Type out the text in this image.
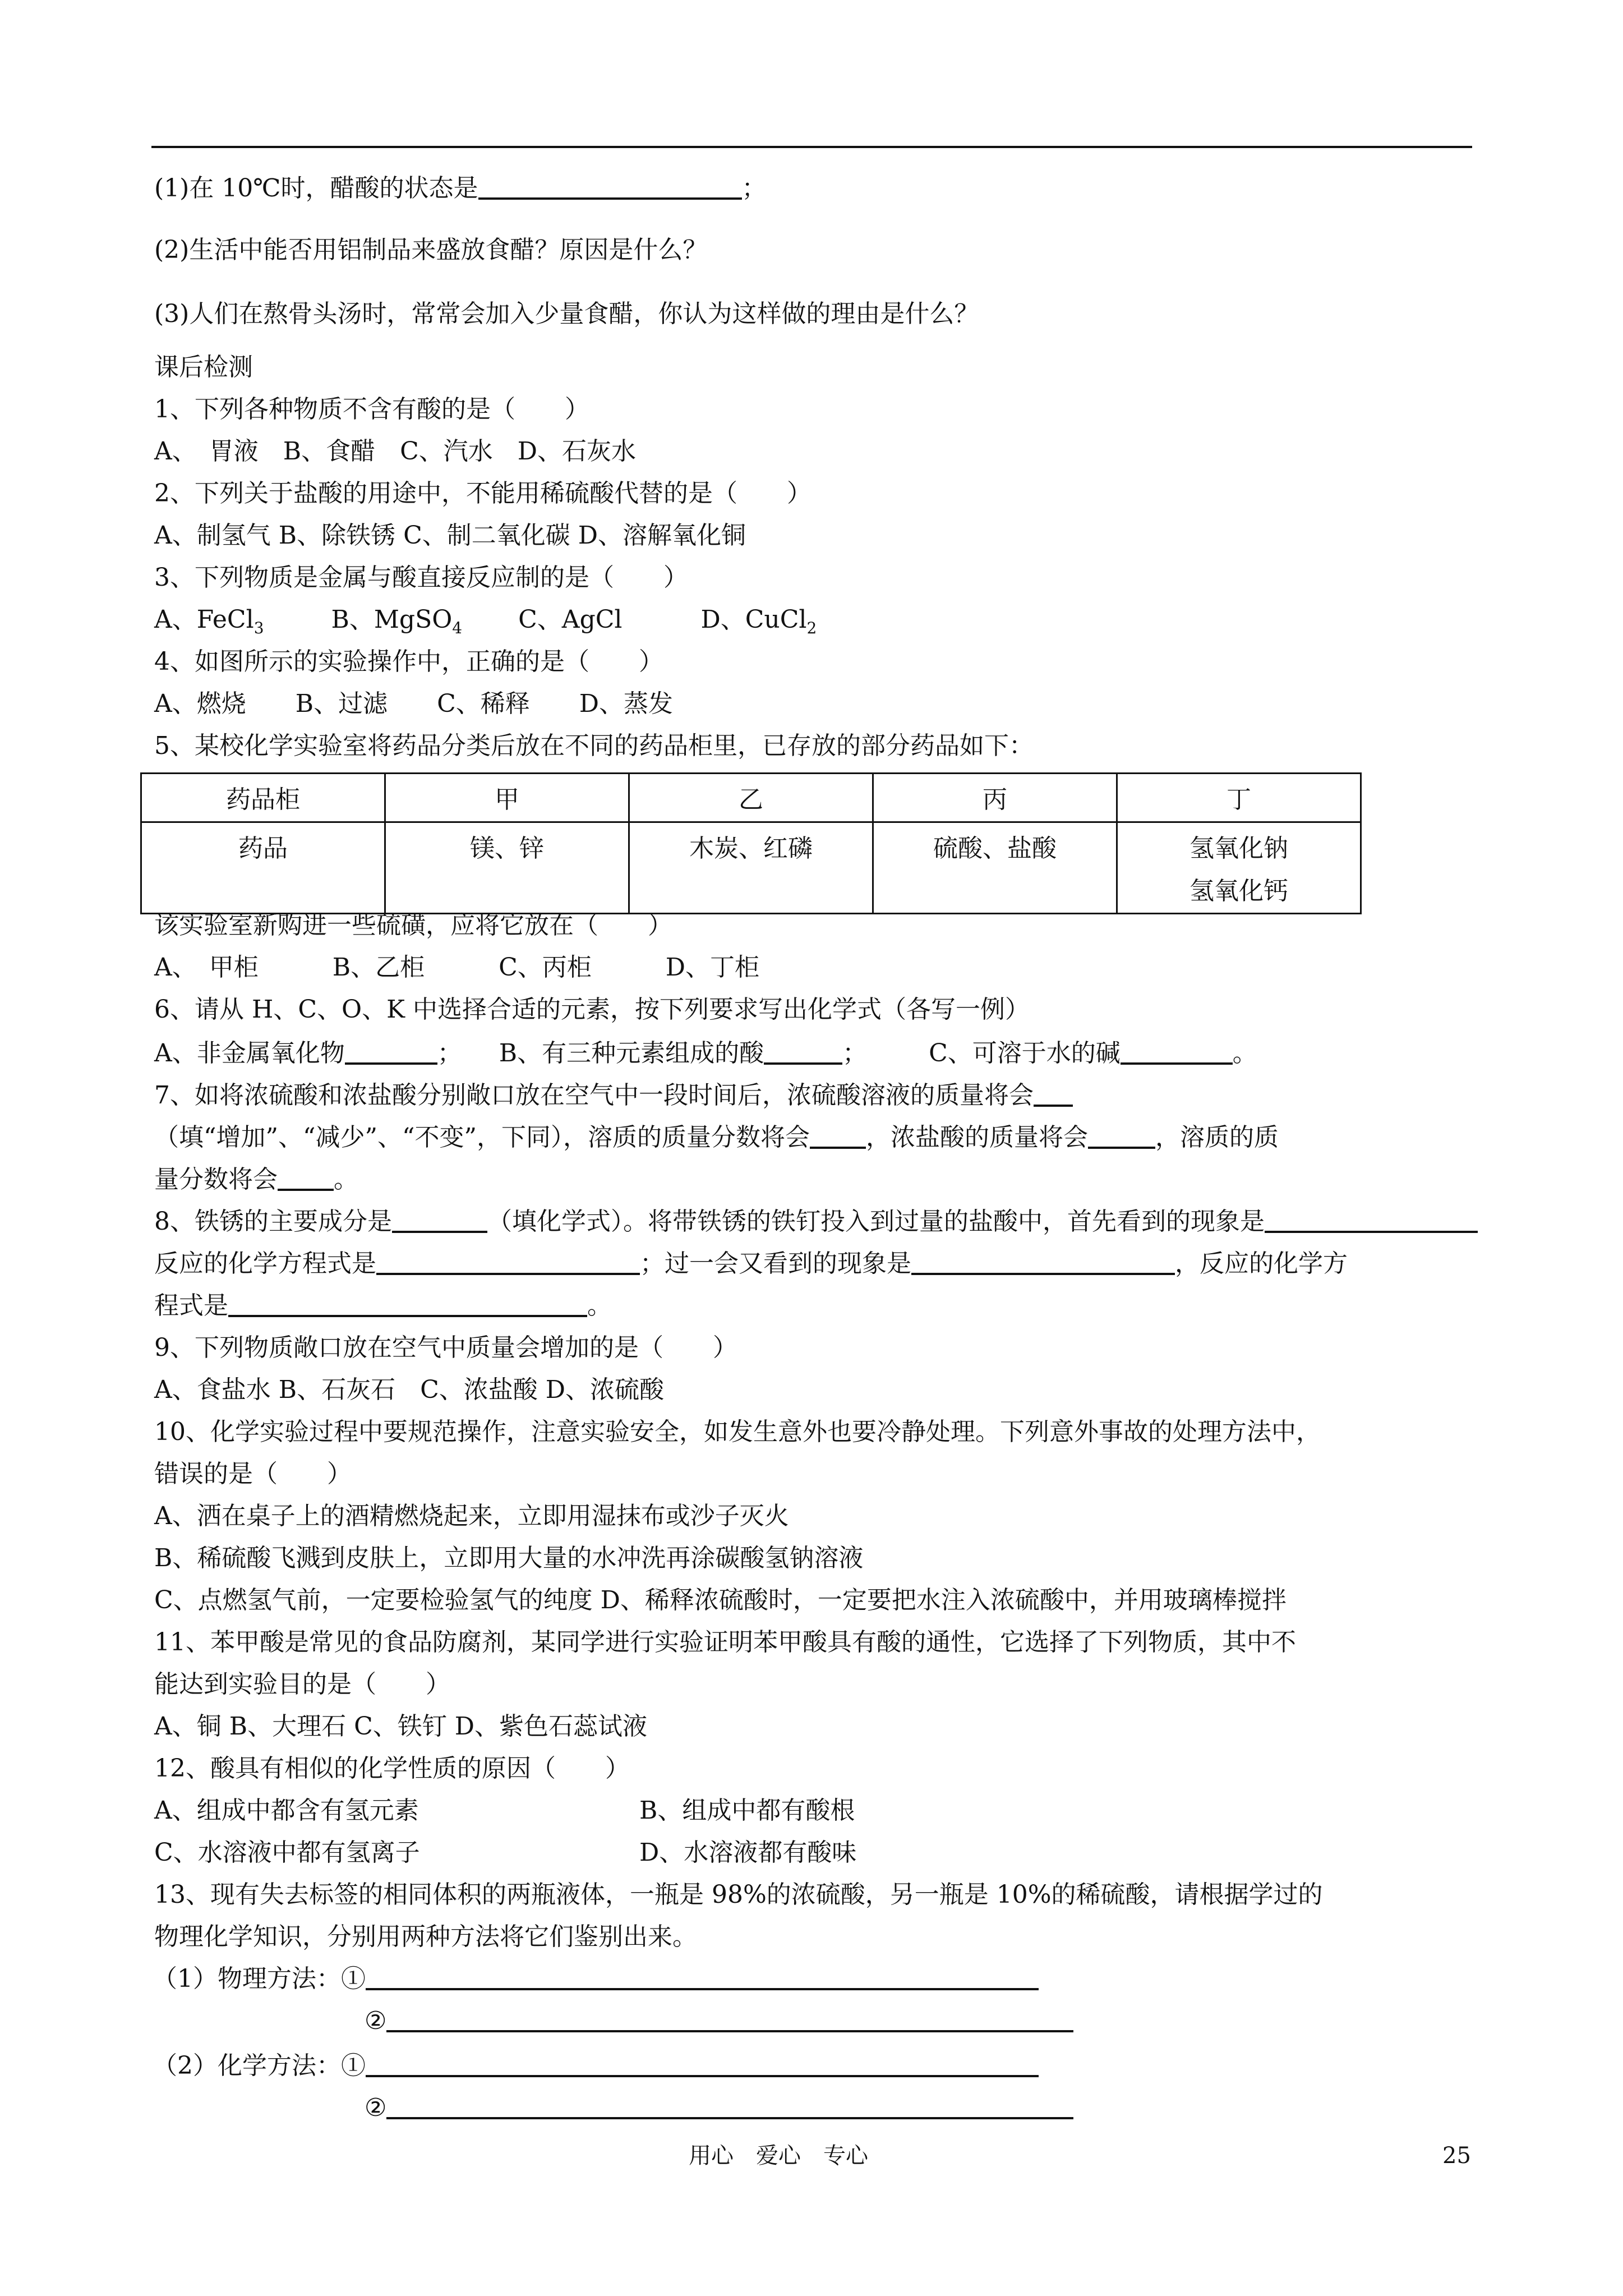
(1)在 10℃时，醋酸的状态是	；
(2)生活中能否用铝制品来盛放食醋？原因是什么？
(3)人们在熬骨头汤时，常常会加入少量食醋，你认为这样做的理由是什么？
课后检测
1、下列各种物质不含有酸的是（　　）
A、　胃液　B、食醋　C、汽水　D、石灰水
2、下列关于盐酸的用途中，不能用稀硫酸代替的是（　　）
A、制氢气 B、除铁锈 C、制二氧化碳 D、溶解氧化铜
3、下列物质是金属与酸直接反应制的是（　　）
A、FeCl$_3$	B、MgSO$_4$ C、AgCl	D、CuCl$_2$
4、如图所示的实验操作中，正确的是（　　）
A、燃烧　　B、过滤　　C、稀释　　D、蒸发
5、某校化学实验室将药品分类后放在不同的药品柜里，已存放的部分药品如下：
药品柜	甲	乙	丙	丁
药品	镁、锌	木炭、红磷	硫酸、盐酸	氢氧化钠
氢氧化钙
该实验室新购进一些硫磺，应将它放在（　　）
A、　甲柜　　　B、乙柜　　　C、丙柜　　　D、丁柜
6、请从 H、C、O、K 中选择合适的元素，按下列要求写出化学式（各写一例）
A、非金属氧化物	；　　B、有三种元素组成的酸	；　　　C、可溶于水的碱	。
7、如将浓硫酸和浓盐酸分别敞口放在空气中一段时间后，浓硫酸溶液的质量将会
（填“增加”、“减少”、“不变”，下同），溶质的质量分数将会 ，浓盐酸的质量将会	，溶质的质
量分数将会 。
8、铁锈的主要成分是	（填化学式）。将带铁锈的铁钉投入到过量的盐酸中，首先看到的现象是
反应的化学方程式是	；过一会又看到的现象是	，反应的化学方
程式是	。
9、下列物质敞口放在空气中质量会增加的是（　　）
A、食盐水 B、石灰石　C、浓盐酸 D、浓硫酸
10、化学实验过程中要规范操作，注意实验安全，如发生意外也要冷静处理。下列意外事故的处理方法中，
错误的是（　　）
A、洒在桌子上的酒精燃烧起来，立即用湿抹布或沙子灭火
B、稀硫酸飞溅到皮肤上，立即用大量的水冲洗再涂碳酸氢钠溶液
C、点燃氢气前，一定要检验氢气的纯度 D、稀释浓硫酸时，一定要把水注入浓硫酸中，并用玻璃棒搅拌
11、苯甲酸是常见的食品防腐剂，某同学进行实验证明苯甲酸具有酸的通性，它选择了下列物质，其中不
能达到实验目的是（　　）
A、铜 B、大理石 C、铁钉 D、紫色石蕊试液
12、酸具有相似的化学性质的原因（　　）
A、组成中都含有氢元素	B、组成中都有酸根
C、水溶液中都有氢离子	D、水溶液都有酸味
13、现有失去标签的相同体积的两瓶液体，一瓶是 98%的浓硫酸，另一瓶是 10%的稀硫酸，请根据学过的
物理化学知识，分别用两种方法将它们鉴别出来。
（1）物理方法：①
②
（2）化学方法：①
②
用心　爱心　专心	25
